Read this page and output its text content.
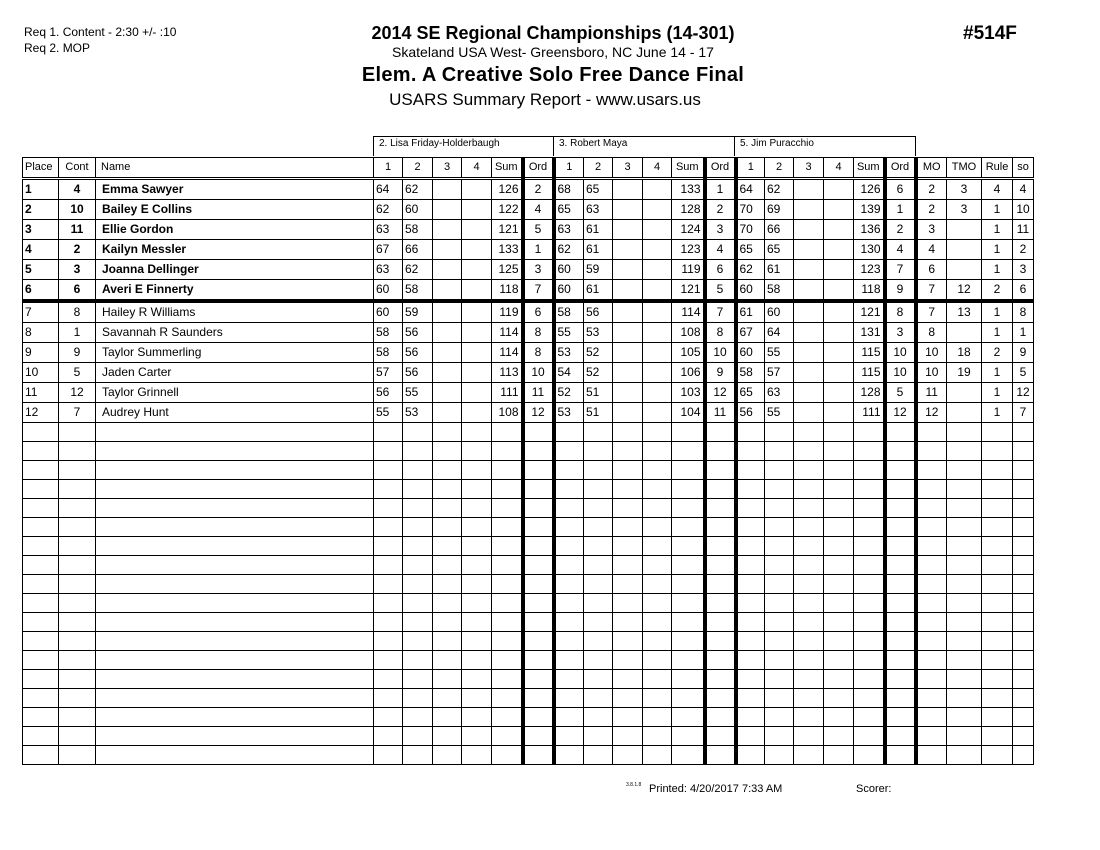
Req 1. Content - 2:30 +/- :10
Req 2. MOP
2014 SE Regional Championships (14-301)
Skateland USA West- Greensboro, NC June 14 - 17
Elem. A Creative Solo Free Dance Final
USARS Summary Report - www.usars.us
#514F
2. Lisa Friday-Holderbaugh	3. Robert Maya	5. Jim Puracchio
Place	Cont	Name	1	2	3	4	Sum	Ord	1	2	3	4	Sum	Ord	1	2	3	4	Sum	Ord	MO	TMO	Rule	so
1	4	Emma Sawyer	64	62			126	2	68	65			133	1	64	62			126	6	2	3	4	4
2	10	Bailey E Collins	62	60			122	4	65	63			128	2	70	69			139	1	2	3	1	10
3	11	Ellie Gordon	63	58			121	5	63	61			124	3	70	66			136	2	3		1	11
4	2	Kailyn Messler	67	66			133	1	62	61			123	4	65	65			130	4	4		1	2
5	3	Joanna Dellinger	63	62			125	3	60	59			119	6	62	61			123	7	6		1	3
6	6	Averi E Finnerty	60	58			118	7	60	61			121	5	60	58			118	9	7	12	2	6
7	8	Hailey R Williams	60	59			119	6	58	56			114	7	61	60			121	8	7	13	1	8
8	1	Savannah R Saunders	58	56			114	8	55	53			108	8	67	64			131	3	8		1	1
9	9	Taylor Summerling	58	56			114	8	53	52			105	10	60	55			115	10	10	18	2	9
10	5	Jaden Carter	57	56			113	10	54	52			106	9	58	57			115	10	10	19	1	5
11	12	Taylor Grinnell	56	55			111	11	52	51			103	12	65	63			128	5	11		1	12
12	7	Audrey Hunt	55	53			108	12	53	51			104	11	56	55			111	12	12		1	7

3.8.1.8 Printed: 4/20/2017 7:33 AM	Scorer:
